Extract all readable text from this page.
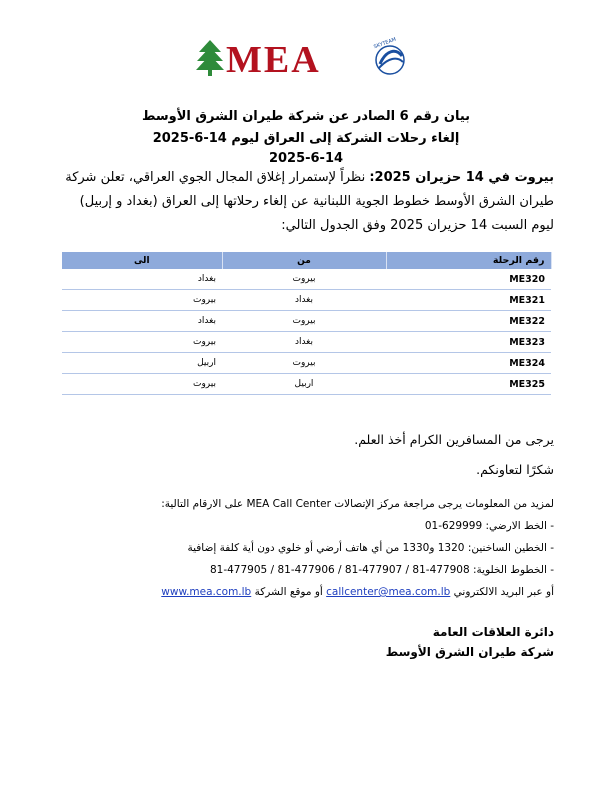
MEA	SKYTEAM
بيان رقم 6 الصادر عن شركة طيران الشرق الأوسط
إلغاء رحلات الشركة إلى العراق ليوم 14-6-2025
2025-6-14
بيروت في 14 حزيران 2025: نظراً لإستمرار إغلاق المجال الجوي العراقي، تعلن شركة طيران الشرق الأوسط خطوط الجوية اللبنانية عن إلغاء رحلاتها إلى العراق (بغداد و إربيل) ليوم السبت 14 حزيران 2025 وفق الجدول التالي:
الى	من	رقم الرحلة
بغداد	بيروت	ME320
بيروت	بغداد	ME321
بغداد	بيروت	ME322
بيروت	بغداد	ME323
اربيل	بيروت	ME324
بيروت	اربيل	ME325
يرجى من المسافرين الكرام أخذ العلم.
شكرًا لتعاونكم.
لمزيد من المعلومات يرجى مراجعة مركز الإتصالات MEA Call Center على الارقام التالية:
- الخط الارضي: 629999-01
- الخطين الساخنين: 1320 و1330 من أي هاتف أرضي أو خلوي دون أية كلفة إضافية
- الخطوط الخلوية: 477908-81 / 477907-81 / 477906-81 / 477905-81
أو عبر البريد الالكتروني callcenter@mea.com.lb أو موقع الشركة www.mea.com.lb
دائرة العلاقات العامة
شركة طيران الشرق الأوسط
